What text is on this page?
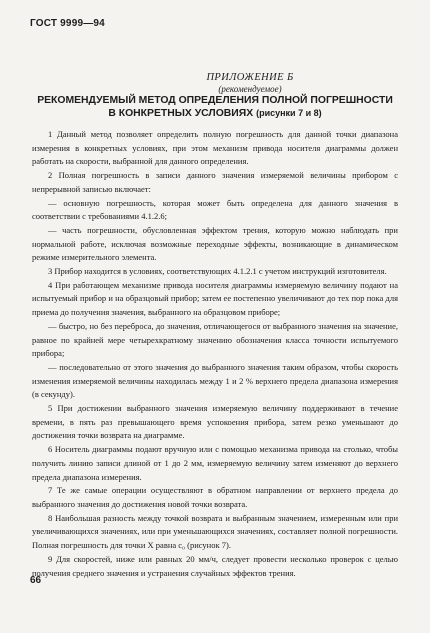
ГОСТ 9999—94
ПРИЛОЖЕНИЕ Б
(рекомендуемое)
РЕКОМЕНДУЕМЫЙ МЕТОД ОПРЕДЕЛЕНИЯ ПОЛНОЙ ПОГРЕШНОСТИ
В КОНКРЕТНЫХ УСЛОВИЯХ (рисунки 7 и 8)

1 Данный метод позволяет определить полную погрешность для данной точки диапазона измерения в конкретных условиях, при этом механизм привода носителя диаграммы должен работать на скорости, выбранной для данного определения.

2 Полная погрешность в записи данного значения измеряемой величины прибором с непрерывной записью включает:

— основную погрешность, которая может быть определена для данного значения в соответствии с требованиями 4.1.2.6;

— часть погрешности, обусловленная эффектом трения, которую можно наблюдать при нормальной работе, исключая возможные переходные эффекты, возникающие в динамическом режиме измерительного элемента.

3 Прибор находится в условиях, соответствующих 4.1.2.1 с учетом инструкций изготовителя.

4 При работающем механизме привода носителя диаграммы измеряемую величину подают на испытуемый прибор и на образцовый прибор; затем ее постепенно увеличивают до тех пор пока для приема до получения значения, выбранного на образцовом приборе;

— быстро, но без переброса, до значения, отличающегося от выбранного значения на значение, равное по крайней мере четырехкратному значению обозначения класса точности испытуемого прибора;

— последовательно от этого значения до выбранного значения таким образом, чтобы скорость изменения измеряемой величины находилась между 1 и 2 % верхнего предела диапазона измерения (в секунду).

5 При достижении выбранного значения измеряемую величину поддерживают в течение времени, в пять раз превышающего время успокоения прибора, затем резко уменьшают до достижения точки возврата на диаграмме.

6 Носитель диаграммы подают вручную или с помощью механизма привода на столько, чтобы получить линию записи длиной от 1 до 2 мм, измеряемую величину затем изменяют до верхнего предела диапазона измерения.

7 Те же самые операции осуществляют в обратном направлении от верхнего предела до выбранного значения до достижения новой точки возврата.

8 Наибольшая разность между точкой возврата и выбранным значением, измеренным или при увеличивающихся значениях, или при уменьшающихся значениях, составляет полной погрешности. Полная погрешность для точки X равна c₀ (рисунок 7).

9 Для скоростей, ниже или равных 20 мм/ч, следует провести несколько проверок с целью получения среднего значения и устранения случайных эффектов трения.

66
